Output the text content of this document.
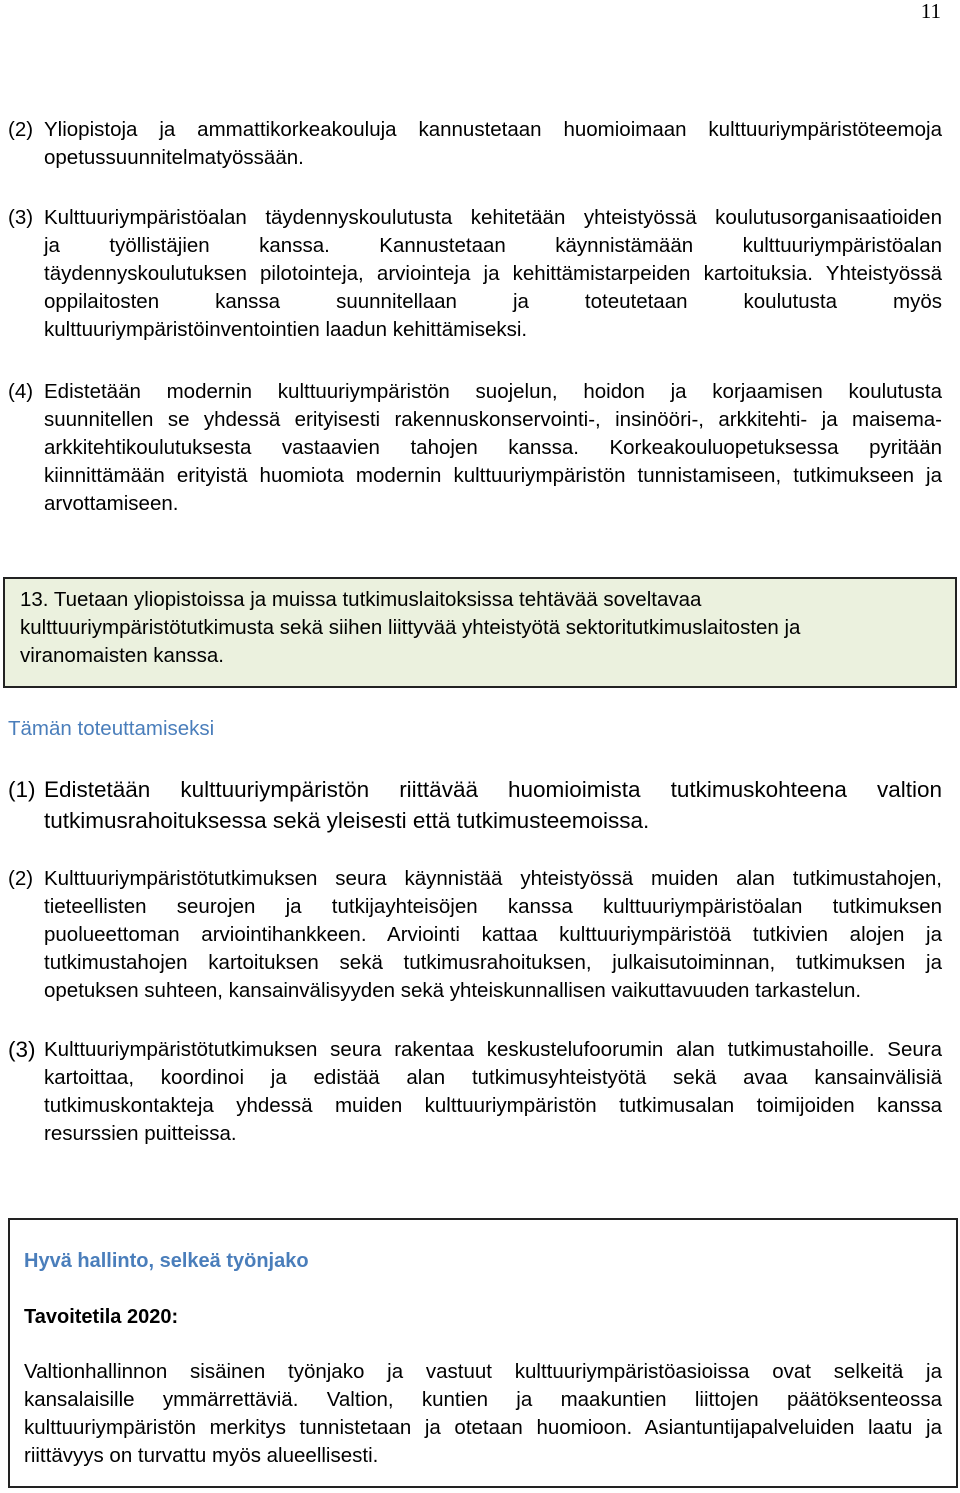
11
(2) Yliopistoja ja ammattikorkeakouluja kannustetaan huomioimaan kulttuuriympäristöteemoja
opetussuunnitelmatyössään.
(3) Kulttuuriympäristöalan täydennyskoulutusta kehitetään yhteistyössä koulutusorganisaatioiden
ja työllistäjien kanssa. Kannustetaan käynnistämään kulttuuriympäristöalan
täydennyskoulutuksen pilotointeja, arviointeja ja kehittämistarpeiden kartoituksia. Yhteistyössä
oppilaitosten kanssa suunnitellaan ja toteutetaan koulutusta myös
kulttuuriympäristöinventointien laadun kehittämiseksi.
(4) Edistetään modernin kulttuuriympäristön suojelun, hoidon ja korjaamisen koulutusta
suunnitellen se yhdessä erityisesti rakennuskonservointi-, insinööri-, arkkitehti- ja maisema-
arkkitehtikoulutuksesta vastaavien tahojen kanssa. Korkeakouluopetuksessa pyritään
kiinnittämään erityistä huomiota modernin kulttuuriympäristön tunnistamiseen, tutkimukseen ja
arvottamiseen.
13. Tuetaan yliopistoissa ja muissa tutkimuslaitoksissa tehtävää soveltavaa
kulttuuriympäristötutkimusta sekä siihen liittyvää yhteistyötä sektoritutkimuslaitosten ja
viranomaisten kanssa.
Tämän toteuttamiseksi
(1) Edistetään kulttuuriympäristön riittävää huomioimista tutkimuskohteena valtion
tutkimusrahoituksessa sekä yleisesti että tutkimusteemoissa.
(2) Kulttuuriympäristötutkimuksen seura käynnistää yhteistyössä muiden alan tutkimustahojen,
tieteellisten seurojen ja tutkijayhteisöjen kanssa kulttuuriympäristöalan tutkimuksen
puolueettoman arviointihankkeen. Arviointi kattaa kulttuuriympäristöä tutkivien alojen ja
tutkimustahojen kartoituksen sekä tutkimusrahoituksen, julkaisutoiminnan, tutkimuksen ja
opetuksen suhteen, kansainvälisyyden sekä yhteiskunnallisen vaikuttavuuden tarkastelun.
(3) Kulttuuriympäristötutkimuksen seura rakentaa keskustelufoorumin alan tutkimustahoille. Seura
kartoittaa, koordinoi ja edistää alan tutkimusyhteistyötä sekä avaa kansainvälisiä
tutkimuskontakteja yhdessä muiden kulttuuriympäristön tutkimusalan toimijoiden kanssa
resurssien puitteissa.
Hyvä hallinto, selkeä työnjako
Tavoitetila 2020:
Valtionhallinnon sisäinen työnjako ja vastuut kulttuuriympäristöasioissa ovat selkeitä ja
kansalaisille ymmärrettäviä. Valtion, kuntien ja maakuntien liittojen päätöksenteossa
kulttuuriympäristön merkitys tunnistetaan ja otetaan huomioon. Asiantuntijapalveluiden laatu ja
riittävyys on turvattu myös alueellisesti.
